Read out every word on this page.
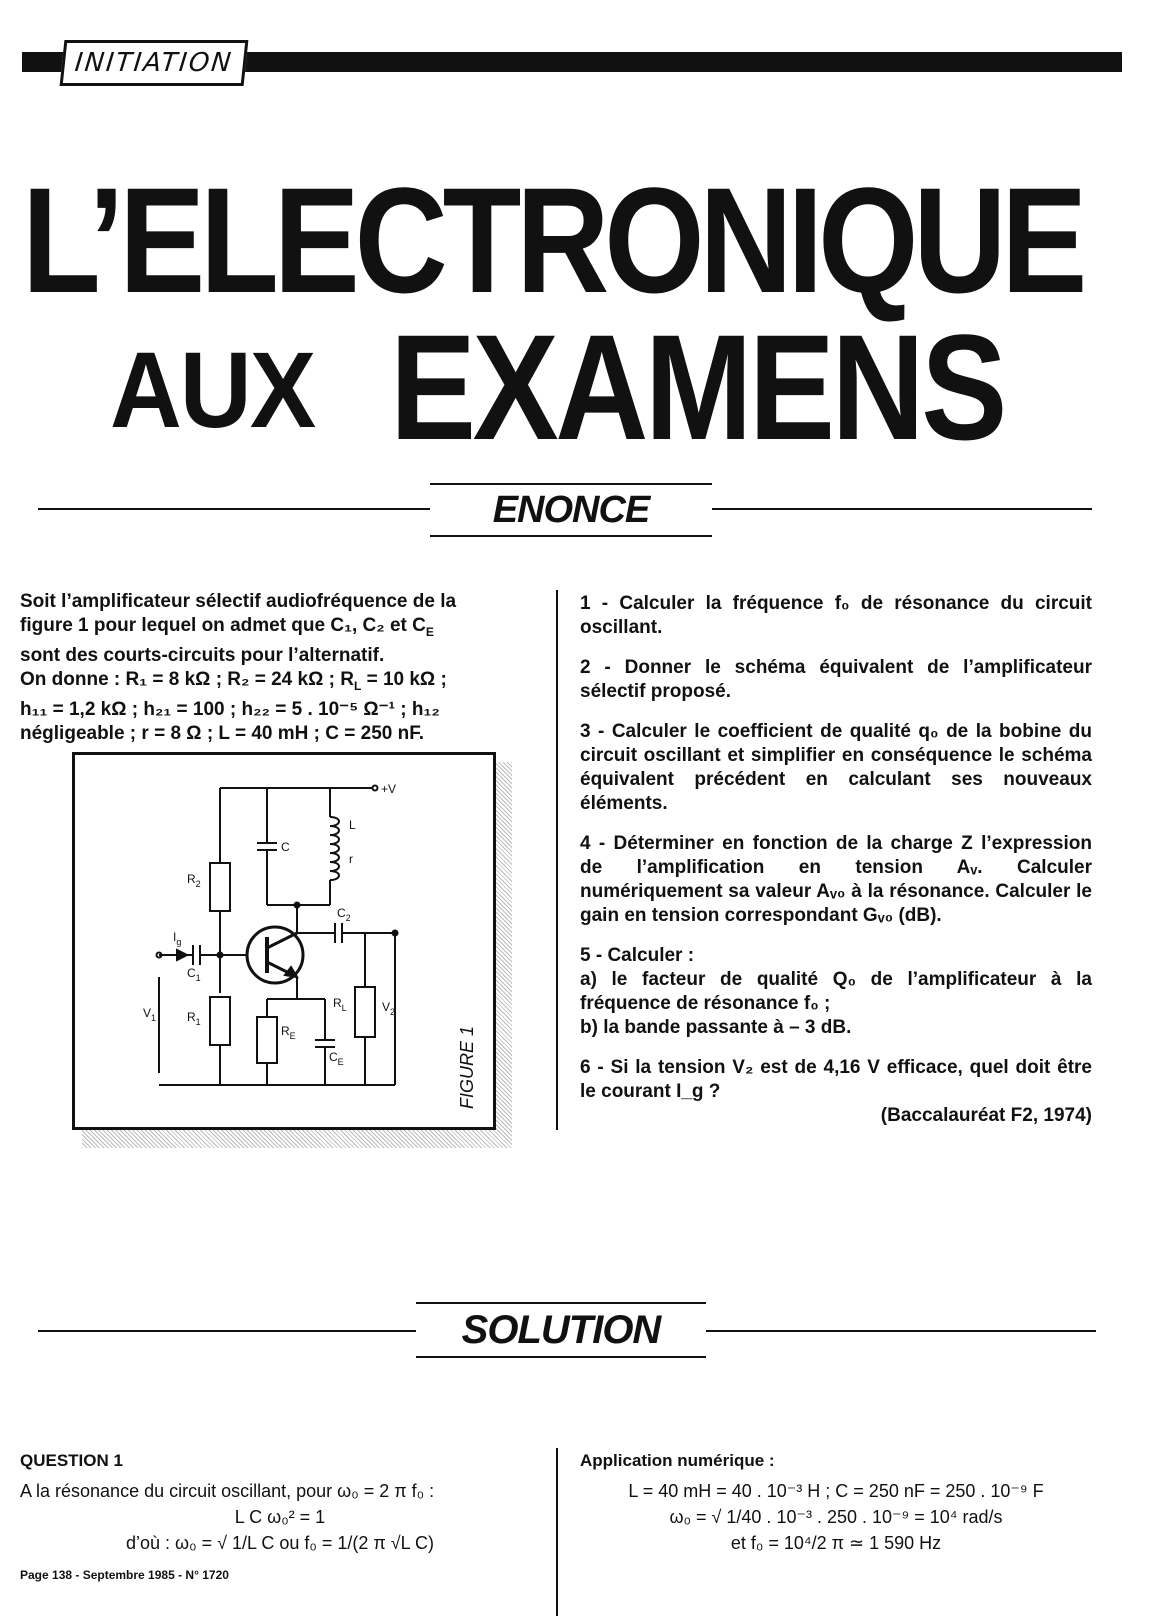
INITIATION
L’ELECTRONIQUE
AUX EXAMENS
ENONCE

Soit l’amplificateur sélectif audiofréquence de la

figure 1 pour lequel on admet que C₁, C₂ et $C_E$

sont des courts-circuits pour l’alternatif.

On donne : R₁ = 8 kΩ ; R₂ = 24 kΩ ; $R_L = 10$ kΩ ;

h₁₁ = 1,2 kΩ ; h₂₁ = 100 ; h₂₂ = 5 . 10⁻⁵ Ω⁻¹ ; h₁₂

négligeable ; r = 8 Ω ; L = 40 mH ; C = 250 nF.

+V
$R_2$
C
L
r
$I_g$
$C_1$
$V_1$	$R_1$
$R_E$
$C_E$
$C_2$
$R_L$	$V_2$
FIGURE 1

1 - Calculer la fréquence f₀ de résonance du circuit oscillant.

2 - Donner le schéma équivalent de l’amplificateur sélectif proposé.

3 - Calculer le coefficient de qualité q₀ de la bobine du circuit oscillant et simplifier en conséquence le schéma équivalent précédent en calculant ses nouveaux éléments.

4 - Déterminer en fonction de la charge Z l’expression de l’amplification en tension Aᵥ. Calculer numériquement sa valeur Aᵥ₀ à la résonance. Calculer le gain en tension correspondant Gᵥ₀ (dB).

5 - Calculer :

a) le facteur de qualité Q₀ de l’amplificateur à la fréquence de résonance f₀ ;

b) la bande passante à – 3 dB.

6 - Si la tension V₂ est de 4,16 V efficace, quel doit être le courant I_g ?

(Baccalauréat F2, 1974)

SOLUTION
QUESTION 1
A la résonance du circuit oscillant, pour ω₀ = 2 π f₀ :
L C ω₀² = 1
d’où : ω₀ = √ 1/L C ou f₀ = 1/(2 π √L C)
Application numérique :
L = 40 mH = 40 . 10⁻³ H ; C = 250 nF = 250 . 10⁻⁹ F
ω₀ = √ 1/40 . 10⁻³ . 250 . 10⁻⁹ = 10⁴ rad/s
et f₀ = 10⁴/2 π ≃ 1 590 Hz
Page 138 - Septembre 1985 - N° 1720
